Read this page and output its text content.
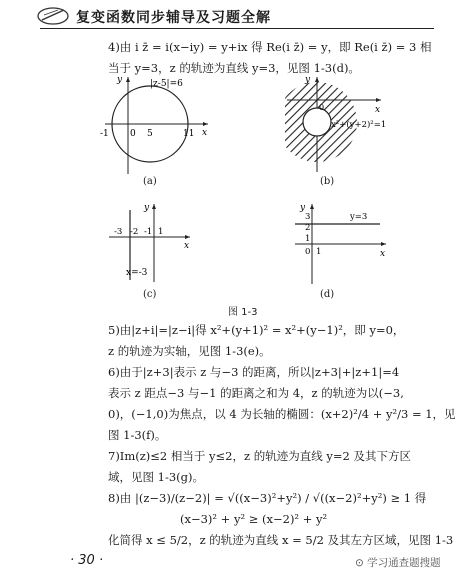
复变函数同步辅导及习题全解
4)由 i z̄ = i(x−iy) = y+ix 得 Re(i z̄) = y，即 Re(i z̄) = 3 相
当于 y=3，z 的轨迹为直线 y=3，见图 1-3(d)。
y
x
|z-5|=6
-1 0 5	11
(a)
y
x
0
x²+(y+2)²=1
(b)
y
x
-3 -2 -1 1
x=-3
(c)
y
x
3
2
1
0 1
y=3
(d)
图 1-3
5)由|z+i|=|z−i|得 x²+(y+1)² = x²+(y−1)²，即 y=0，
z 的轨迹为实轴，见图 1-3(e)。
6)由于|z+3|表示 z 与−3 的距离，所以|z+3|+|z+1|=4
表示 z 距点−3 与−1 的距离之和为 4，z 的轨迹为以(−3,
0)，(−1,0)为焦点，以 4 为长轴的椭圆：(x+2)²/4 + y²/3 = 1，见
图 1-3(f)。
7)Im(z)≤2 相当于 y≤2，z 的轨迹为直线 y=2 及其下方区
域，见图 1-3(g)。
8)由 |(z−3)/(z−2)| = √((x−3)²+y²) / √((x−2)²+y²) ≥ 1 得
(x−3)² + y² ≥ (x−2)² + y²
化简得 x ≤ 5/2，z 的轨迹为直线 x = 5/2 及其左方区域，见图 1-3
· 30 ·	⊙ 学习通查题搜题
